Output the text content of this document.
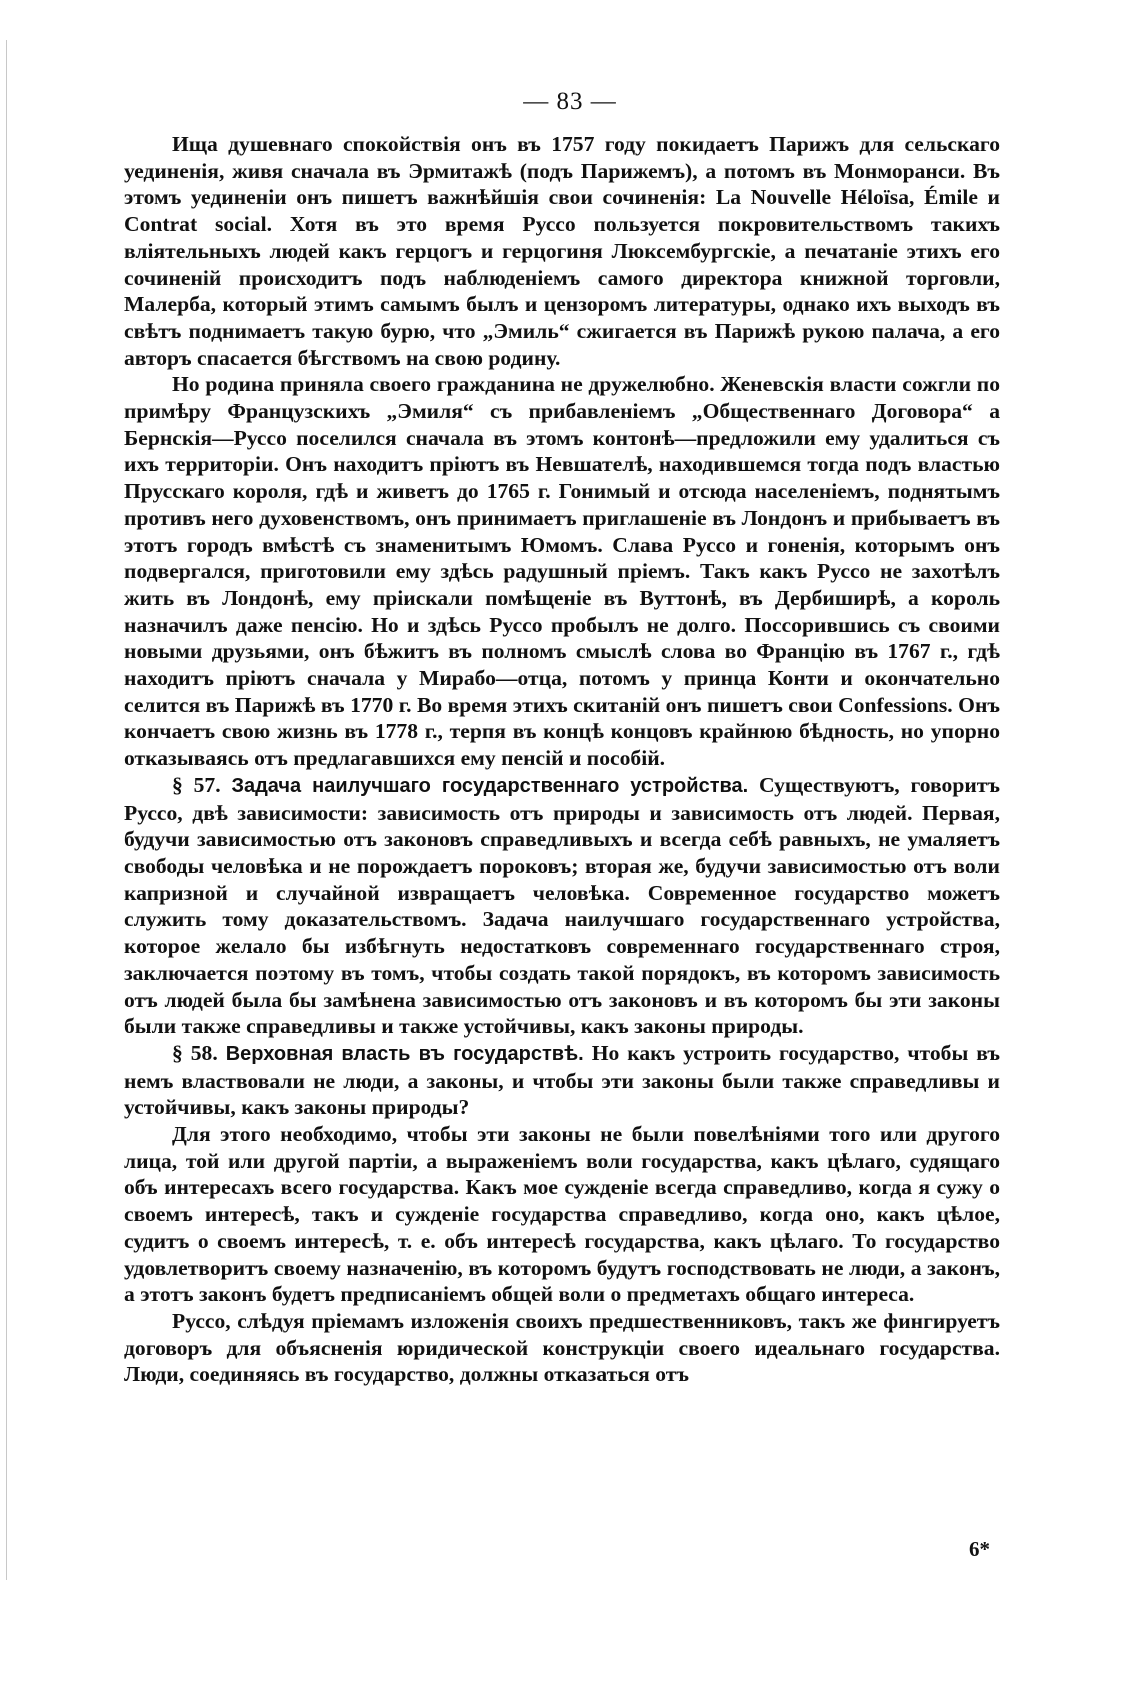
— 83 —

Ища душевнаго спокойствія онъ въ 1757 году покидаетъ Парижъ для сельскаго уединенія, живя сначала въ Эрмитажѣ (подъ Парижемъ), а потомъ въ Монморанси. Въ этомъ уединеніи онъ пишетъ важнѣйшія свои сочиненія: La Nouvelle Héloïsa, Émile и Contrat social. Хотя въ это время Руссо пользуется покровительствомъ такихъ вліятельныхъ людей какъ герцогъ и герцогиня Люксембургскіе, а печатаніе этихъ его сочиненій происходитъ подъ наблюденіемъ самого директора книжной торговли, Малерба, который этимъ самымъ былъ и цензоромъ литературы, однако ихъ выходъ въ свѣтъ поднимаетъ такую бурю, что „Эмиль“ сжигается въ Парижѣ рукою палача, а его авторъ спасается бѣгствомъ на свою родину.

Но родина приняла своего гражданина не дружелюбно. Женевскія власти сожгли по примѣру Французскихъ „Эмиля“ съ прибавленіемъ „Общественнаго Договора“ а Бернскія—Руссо поселился сначала въ этомъ контонѣ—предложили ему удалиться съ ихъ территоріи. Онъ находитъ пріютъ въ Невшателѣ, находившемся тогда подъ властью Прусскаго короля, гдѣ и живетъ до 1765 г. Гонимый и отсюда населеніемъ, поднятымъ противъ него духовенствомъ, онъ принимаетъ приглашеніе въ Лондонъ и прибываетъ въ этотъ городъ вмѣстѣ съ знаменитымъ Юмомъ. Слава Руссо и гоненія, которымъ онъ подвергался, приготовили ему здѣсь радушный пріемъ. Такъ какъ Руссо не захотѣлъ жить въ Лондонѣ, ему пріискали помѣщеніе въ Вуттонѣ, въ Дербиширѣ, а король назначилъ даже пенсію. Но и здѣсь Руссо пробылъ не долго. Поссорившись съ своими новыми друзьями, онъ бѣжитъ въ полномъ смыслѣ слова во Францію въ 1767 г., гдѣ находитъ пріютъ сначала у Мирабо—отца, потомъ у принца Конти и окончательно селится въ Парижѣ въ 1770 г. Во время этихъ скитаній онъ пишетъ свои Confessions. Онъ кончаетъ свою жизнь въ 1778 г., терпя въ концѣ концовъ крайнюю бѣдность, но упорно отказываясь отъ предлагавшихся ему пенсій и пособій.

§ 57. Задача наилучшаго государственнаго устройства. Существуютъ, говоритъ Руссо, двѣ зависимости: зависимость отъ природы и зависимость отъ людей. Первая, будучи зависимостью отъ законовъ справедливыхъ и всегда себѣ равныхъ, не умаляетъ свободы человѣка и не порождаетъ пороковъ; вторая же, будучи зависимостью отъ воли капризной и случайной извращаетъ человѣка. Современное государство можетъ служить тому доказательствомъ. Задача наилучшаго государственнаго устройства, которое желало бы избѣгнуть недостатковъ современнаго государственнаго строя, заключается поэтому въ томъ, чтобы создать такой порядокъ, въ которомъ зависимость отъ людей была бы замѣнена зависимостью отъ законовъ и въ которомъ бы эти законы были также справедливы и также устойчивы, какъ законы природы.

§ 58. Верховная власть въ государствѣ. Но какъ устроить государство, чтобы въ немъ властвовали не люди, а законы, и чтобы эти законы были также справедливы и устойчивы, какъ законы природы?

Для этого необходимо, чтобы эти законы не были повелѣніями того или другого лица, той или другой партіи, а выраженіемъ воли государства, какъ цѣлаго, судящаго объ интересахъ всего государства. Какъ мое сужденіе всегда справедливо, когда я сужу о своемъ интересѣ, такъ и сужденіе государства справедливо, когда оно, какъ цѣлое, судитъ о своемъ интересѣ, т. е. объ интересѣ государства, какъ цѣлаго. То государство удовлетворитъ своему назначенію, въ которомъ будутъ господствовать не люди, а законъ, а этотъ законъ будетъ предписаніемъ общей воли о предметахъ общаго интереса.

Руссо, слѣдуя пріемамъ изложенія своихъ предшественниковъ, такъ же фингируетъ договоръ для объясненія юридической конструкціи своего идеальнаго государства. Люди, соединяясь въ государство, должны отказаться отъ

6*
